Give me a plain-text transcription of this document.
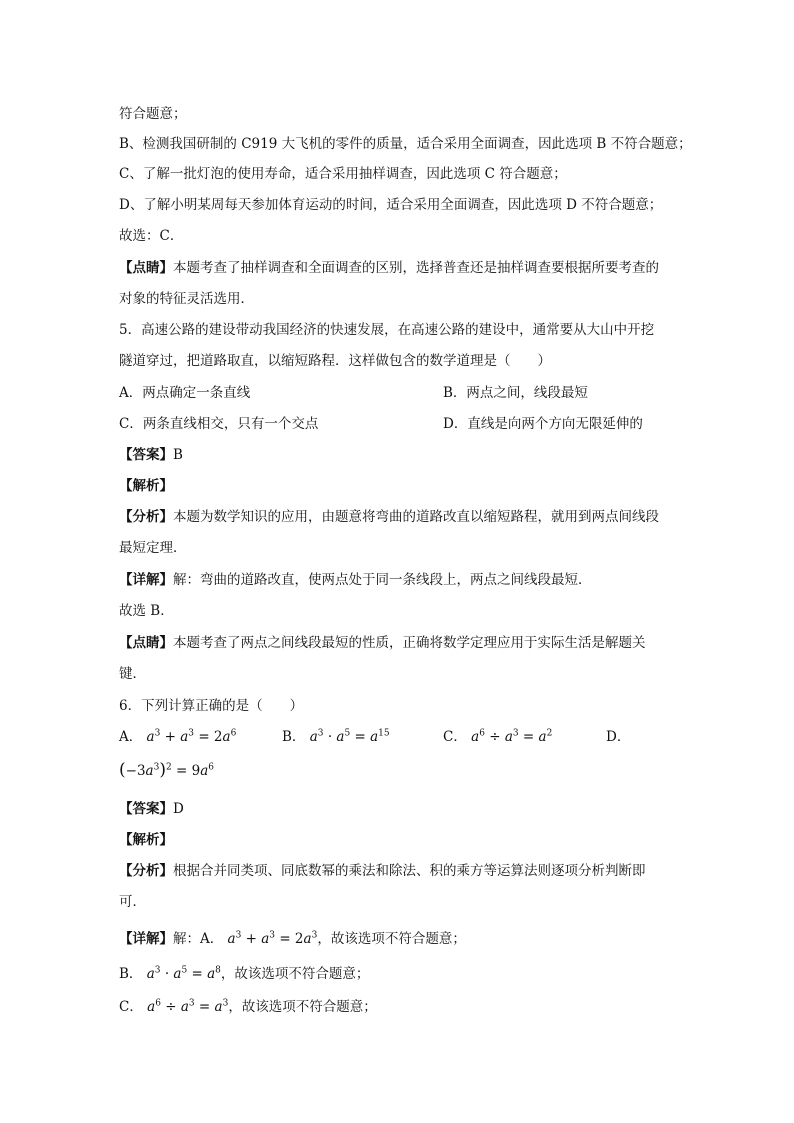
符合题意；
B、检测我国研制的 C919 大飞机的零件的质量，适合采用全面调查，因此选项 B 不符合题意；
C、了解一批灯泡的使用寿命，适合采用抽样调查，因此选项 C 符合题意；
D、了解小明某周每天参加体育运动的时间，适合采用全面调查，因此选项 D 不符合题意；
故选：C．
【点睛】本题考查了抽样调查和全面调查的区别，选择普查还是抽样调查要根据所要考查的
对象的特征灵活选用．
5．高速公路的建设带动我国经济的快速发展，在高速公路的建设中，通常要从大山中开挖
隧道穿过，把道路取直，以缩短路程．这样做包含的数学道理是（　　）
A．两点确定一条直线	B．两点之间，线段最短
C．两条直线相交，只有一个交点	D．直线是向两个方向无限延伸的
【答案】B
【解析】
【分析】本题为数学知识的应用，由题意将弯曲的道路改直以缩短路程，就用到两点间线段
最短定理．
【详解】解：弯曲的道路改直，使两点处于同一条线段上，两点之间线段最短．
故选 B．
【点睛】本题考查了两点之间线段最短的性质，正确将数学定理应用于实际生活是解题关
键．
6．下列计算正确的是（　　）
A． $a^3 + a^3 = 2a^6$	B． $a^3 \cdot a^5 = a^{15}$	C． $a^6 \div a^3 = a^2$	D．
$(-3a^3)^2 = 9a^6$
【答案】D
【解析】
【分析】根据合并同类项、同底数幂的乘法和除法、积的乘方等运算法则逐项分析判断即
可．
【详解】解：A． $a^3 + a^3 = 2a^3$，故该选项不符合题意；
B． $a^3 \cdot a^5 = a^8$，故该选项不符合题意；
C． $a^6 \div a^3 = a^3$，故该选项不符合题意；
